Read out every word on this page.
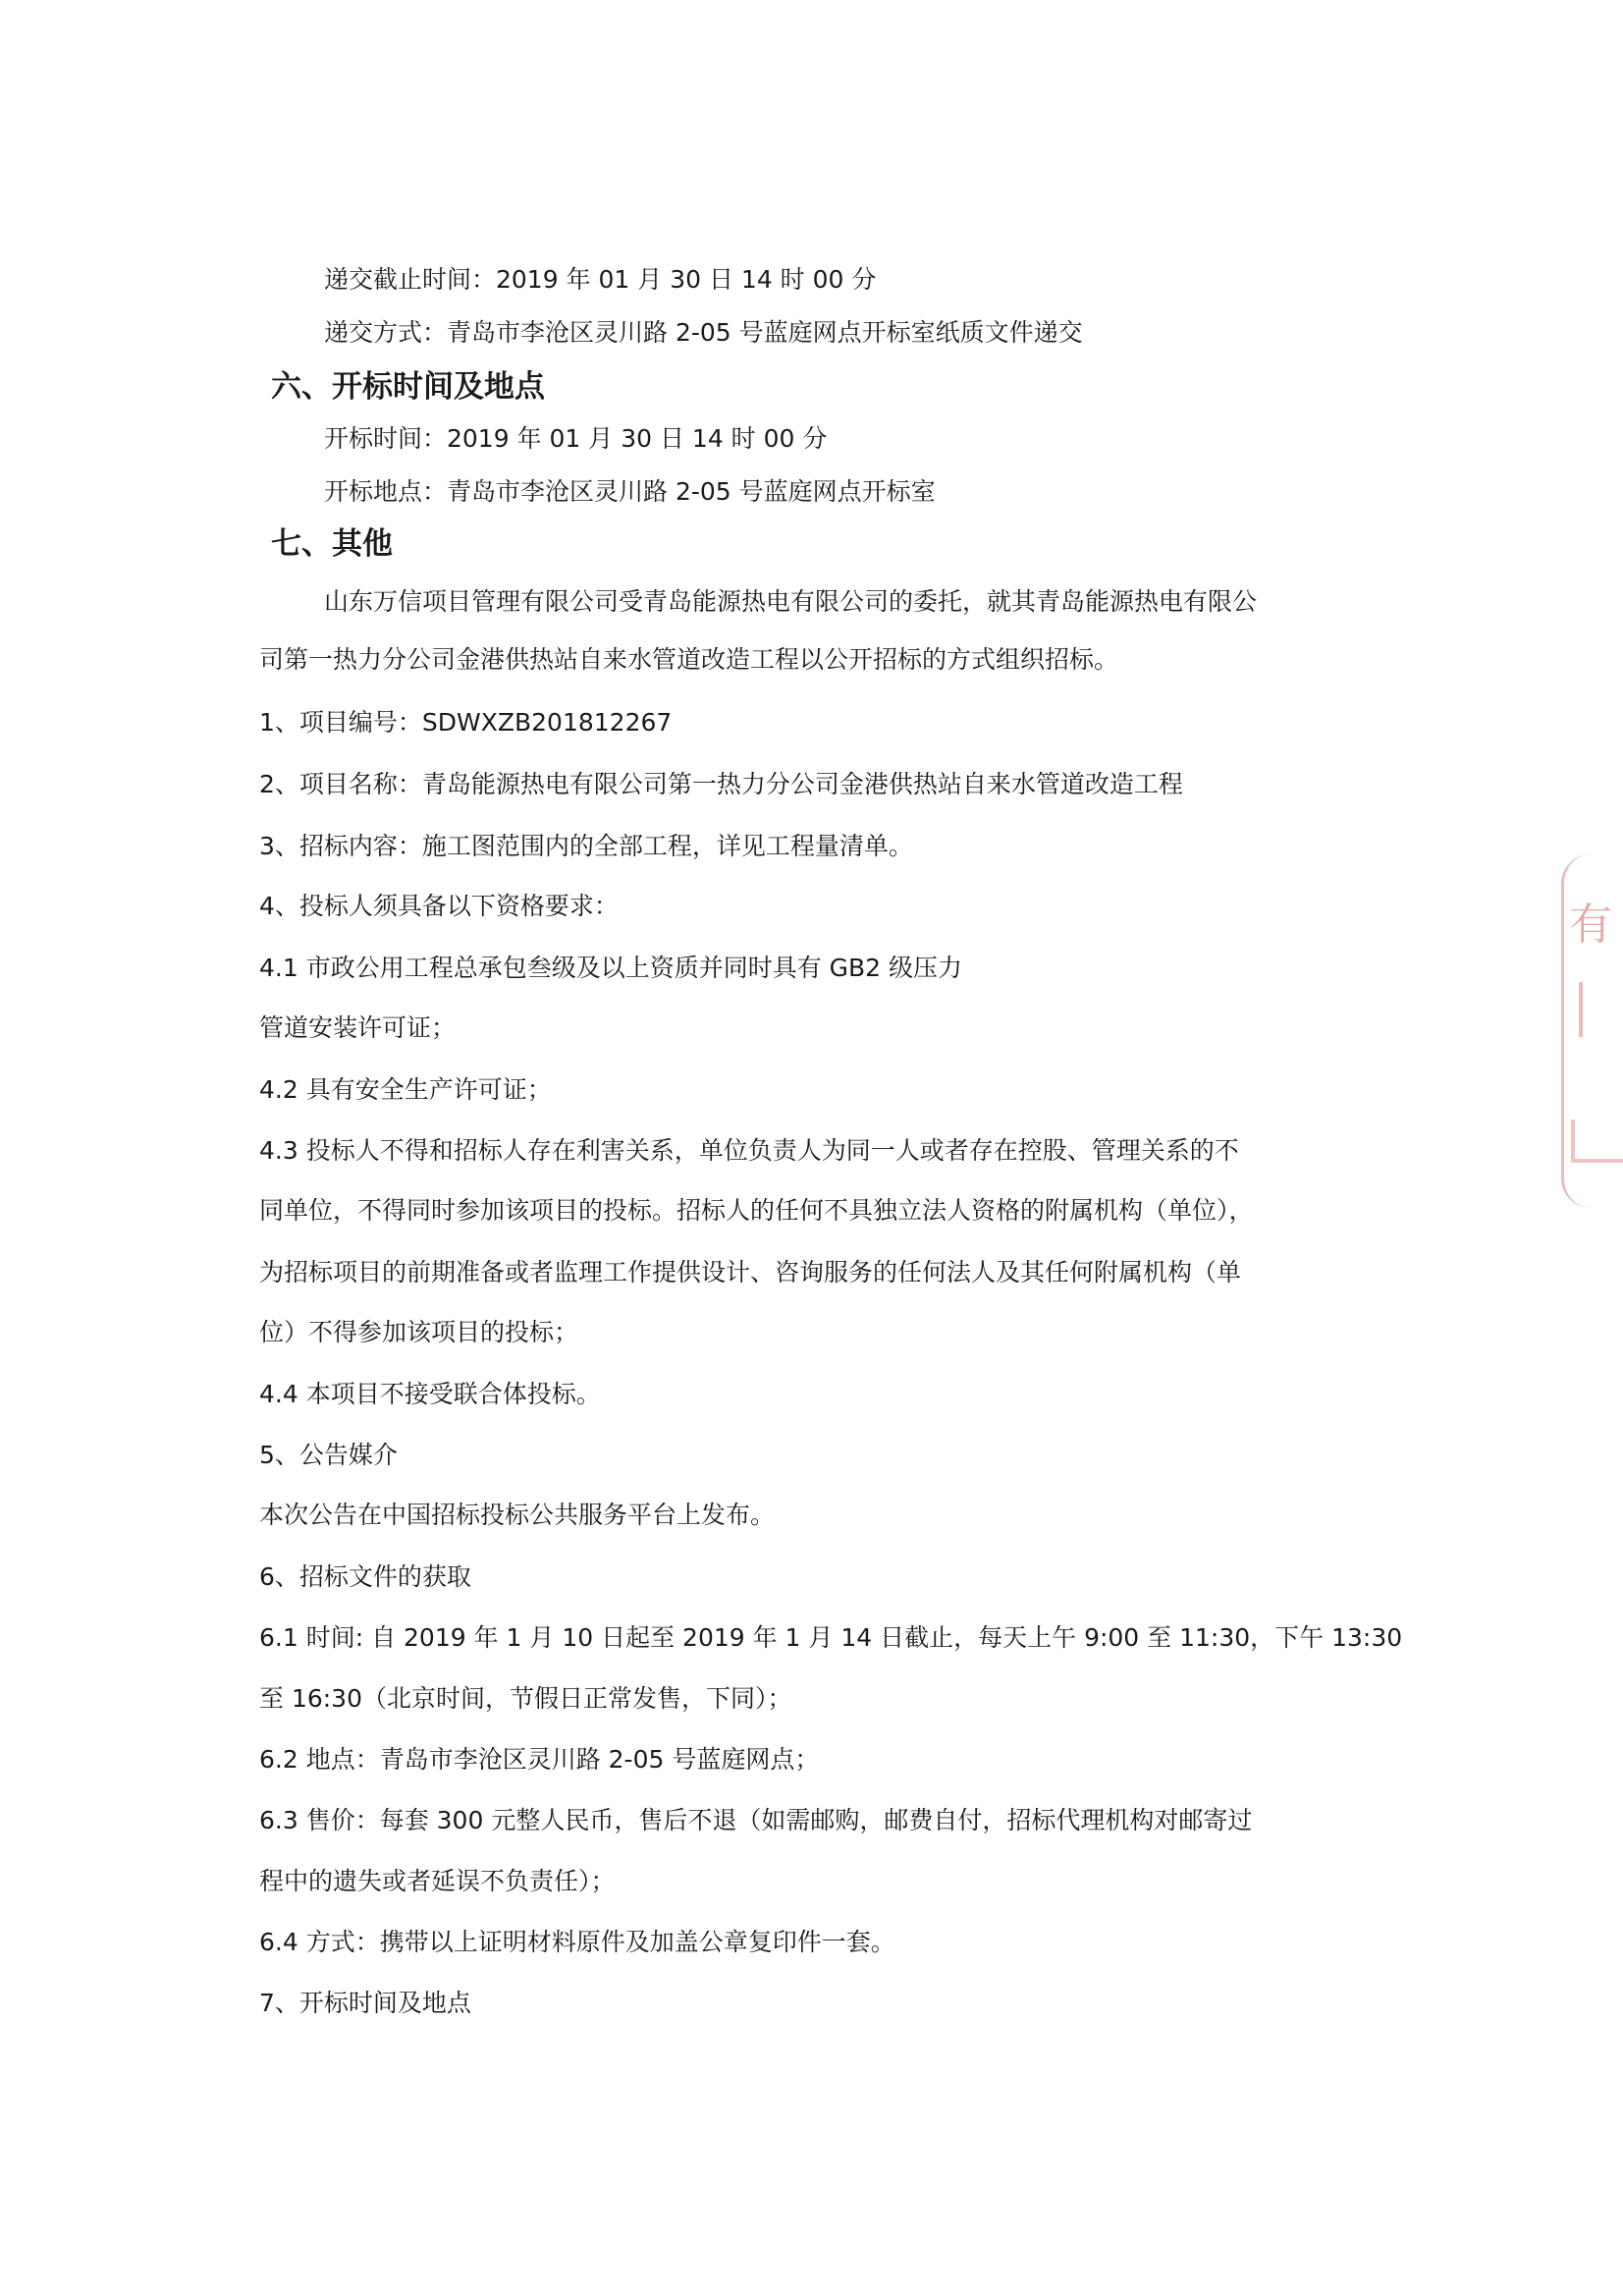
递交截止时间：2019 年 01 月 30 日 14 时 00 分
递交方式：青岛市李沧区灵川路 2-05 号蓝庭网点开标室纸质文件递交
六、开标时间及地点
开标时间：2019 年 01 月 30 日 14 时 00 分
开标地点：青岛市李沧区灵川路 2-05 号蓝庭网点开标室
七、其他
山东万信项目管理有限公司受青岛能源热电有限公司的委托，就其青岛能源热电有限公
司第一热力分公司金港供热站自来水管道改造工程以公开招标的方式组织招标。
1、项目编号：SDWXZB201812267
2、项目名称：青岛能源热电有限公司第一热力分公司金港供热站自来水管道改造工程
3、招标内容：施工图范围内的全部工程，详见工程量清单。
4、投标人须具备以下资格要求：
4.1 市政公用工程总承包叁级及以上资质并同时具有 GB2 级压力
管道安装许可证；
4.2 具有安全生产许可证；
4.3 投标人不得和招标人存在利害关系，单位负责人为同一人或者存在控股、管理关系的不
同单位，不得同时参加该项目的投标。招标人的任何不具独立法人资格的附属机构（单位），
为招标项目的前期准备或者监理工作提供设计、咨询服务的任何法人及其任何附属机构（单
位）不得参加该项目的投标；
4.4 本项目不接受联合体投标。
5、公告媒介
本次公告在中国招标投标公共服务平台上发布。
6、招标文件的获取
6.1 时间: 自 2019 年 1 月 10 日起至 2019 年 1 月 14 日截止，每天上午 9:00 至 11:30，下午 13:30
至 16:30（北京时间，节假日正常发售，下同）；
6.2 地点：青岛市李沧区灵川路 2-05 号蓝庭网点；
6.3 售价：每套 300 元整人民币，售后不退（如需邮购，邮费自付，招标代理机构对邮寄过
程中的遗失或者延误不负责任）；
6.4 方式：携带以上证明材料原件及加盖公章复印件一套。
7、开标时间及地点
有
